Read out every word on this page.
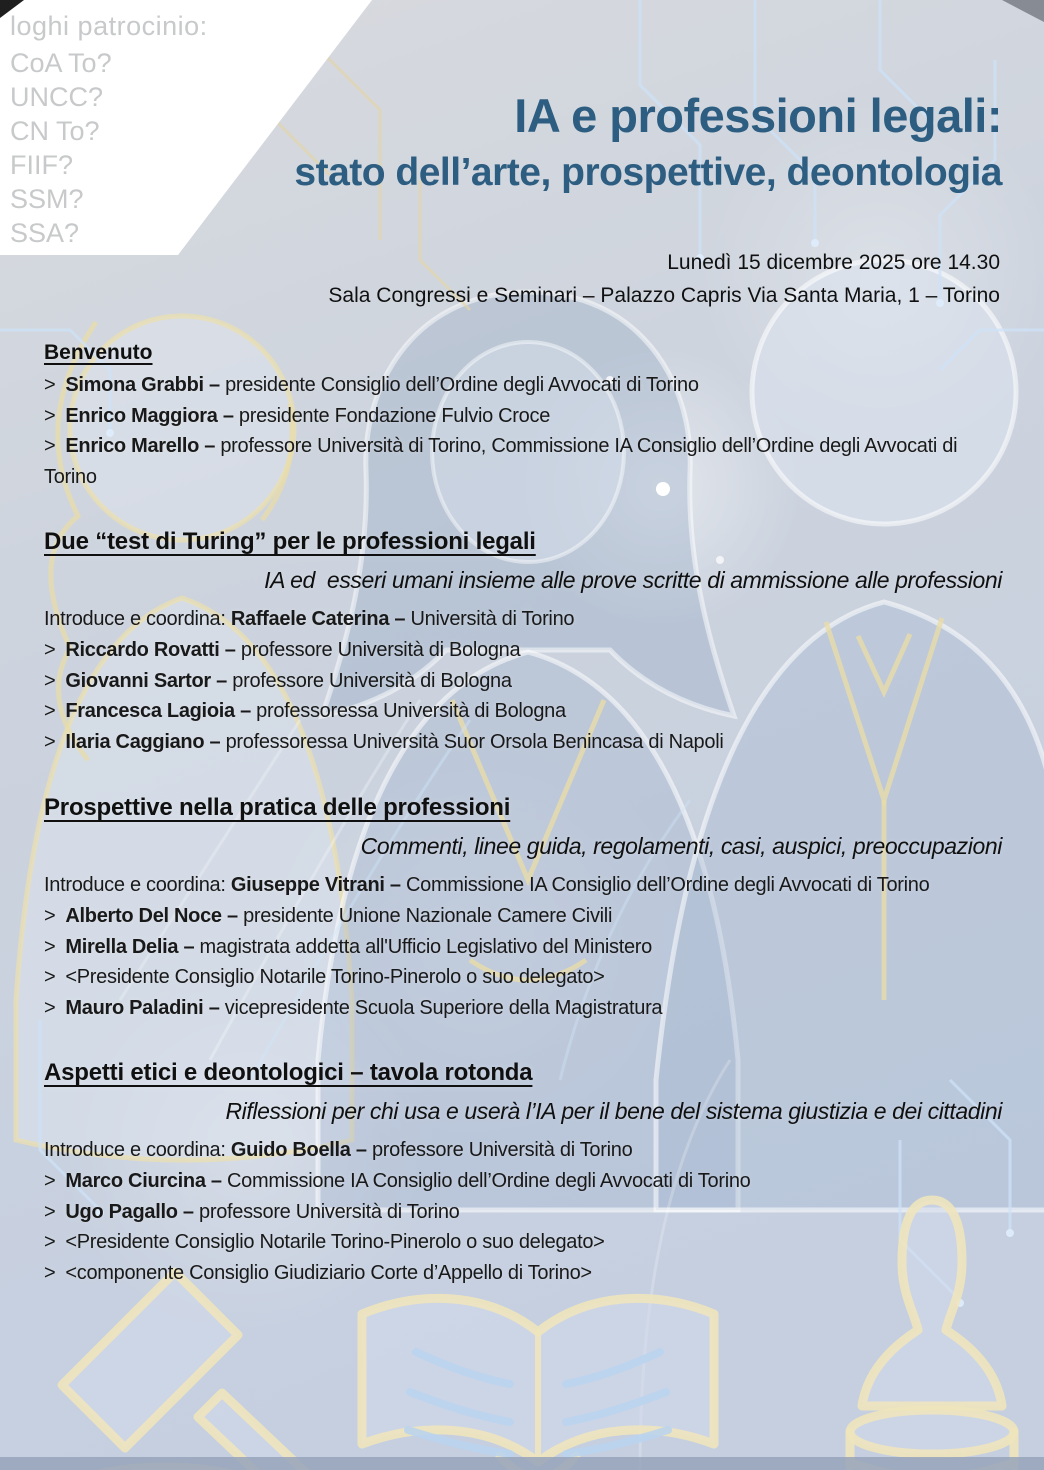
loghi patrocinio:
CoA To?
UNCC?
CN To?
FIIF?
SSM?
SSA?
IA e professioni legali:
stato dell’arte, prospettive, deontologia
Lunedì 15 dicembre 2025 ore 14.30
Sala Congressi e Seminari – Palazzo Capris Via Santa Maria, 1 – Torino
Benvenuto
> Simona Grabbi – presidente Consiglio dell’Ordine degli Avvocati di Torino
> Enrico Maggiora – presidente Fondazione Fulvio Croce
> Enrico Marello – professore Università di Torino, Commissione IA Consiglio dell’Ordine degli Avvocati di Torino
Due “test di Turing” per le professioni legali
IA ed  esseri umani insieme alle prove scritte di ammissione alle professioni
Introduce e coordina: Raffaele Caterina – Università di Torino
> Riccardo Rovatti – professore Università di Bologna
> Giovanni Sartor – professore Università di Bologna
> Francesca Lagioia – professoressa Università di Bologna
> Ilaria Caggiano – professoressa Università Suor Orsola Benincasa di Napoli
Prospettive nella pratica delle professioni
Commenti, linee guida, regolamenti, casi, auspici, preoccupazioni
Introduce e coordina: Giuseppe Vitrani – Commissione IA Consiglio dell’Ordine degli Avvocati di Torino
> Alberto Del Noce – presidente Unione Nazionale Camere Civili
> Mirella Delia – magistrata addetta all'Ufficio Legislativo del Ministero
> <Presidente Consiglio Notarile Torino-Pinerolo o suo delegato>
> Mauro Paladini – vicepresidente Scuola Superiore della Magistratura
Aspetti etici e deontologici – tavola rotonda
Riflessioni per chi usa e userà l’IA per il bene del sistema giustizia e dei cittadini
Introduce e coordina: Guido Boella – professore Università di Torino
> Marco Ciurcina – Commissione IA Consiglio dell’Ordine degli Avvocati di Torino
> Ugo Pagallo – professore Università di Torino
> <Presidente Consiglio Notarile Torino-Pinerolo o suo delegato>
> <componente Consiglio Giudiziario Corte d’Appello di Torino>
